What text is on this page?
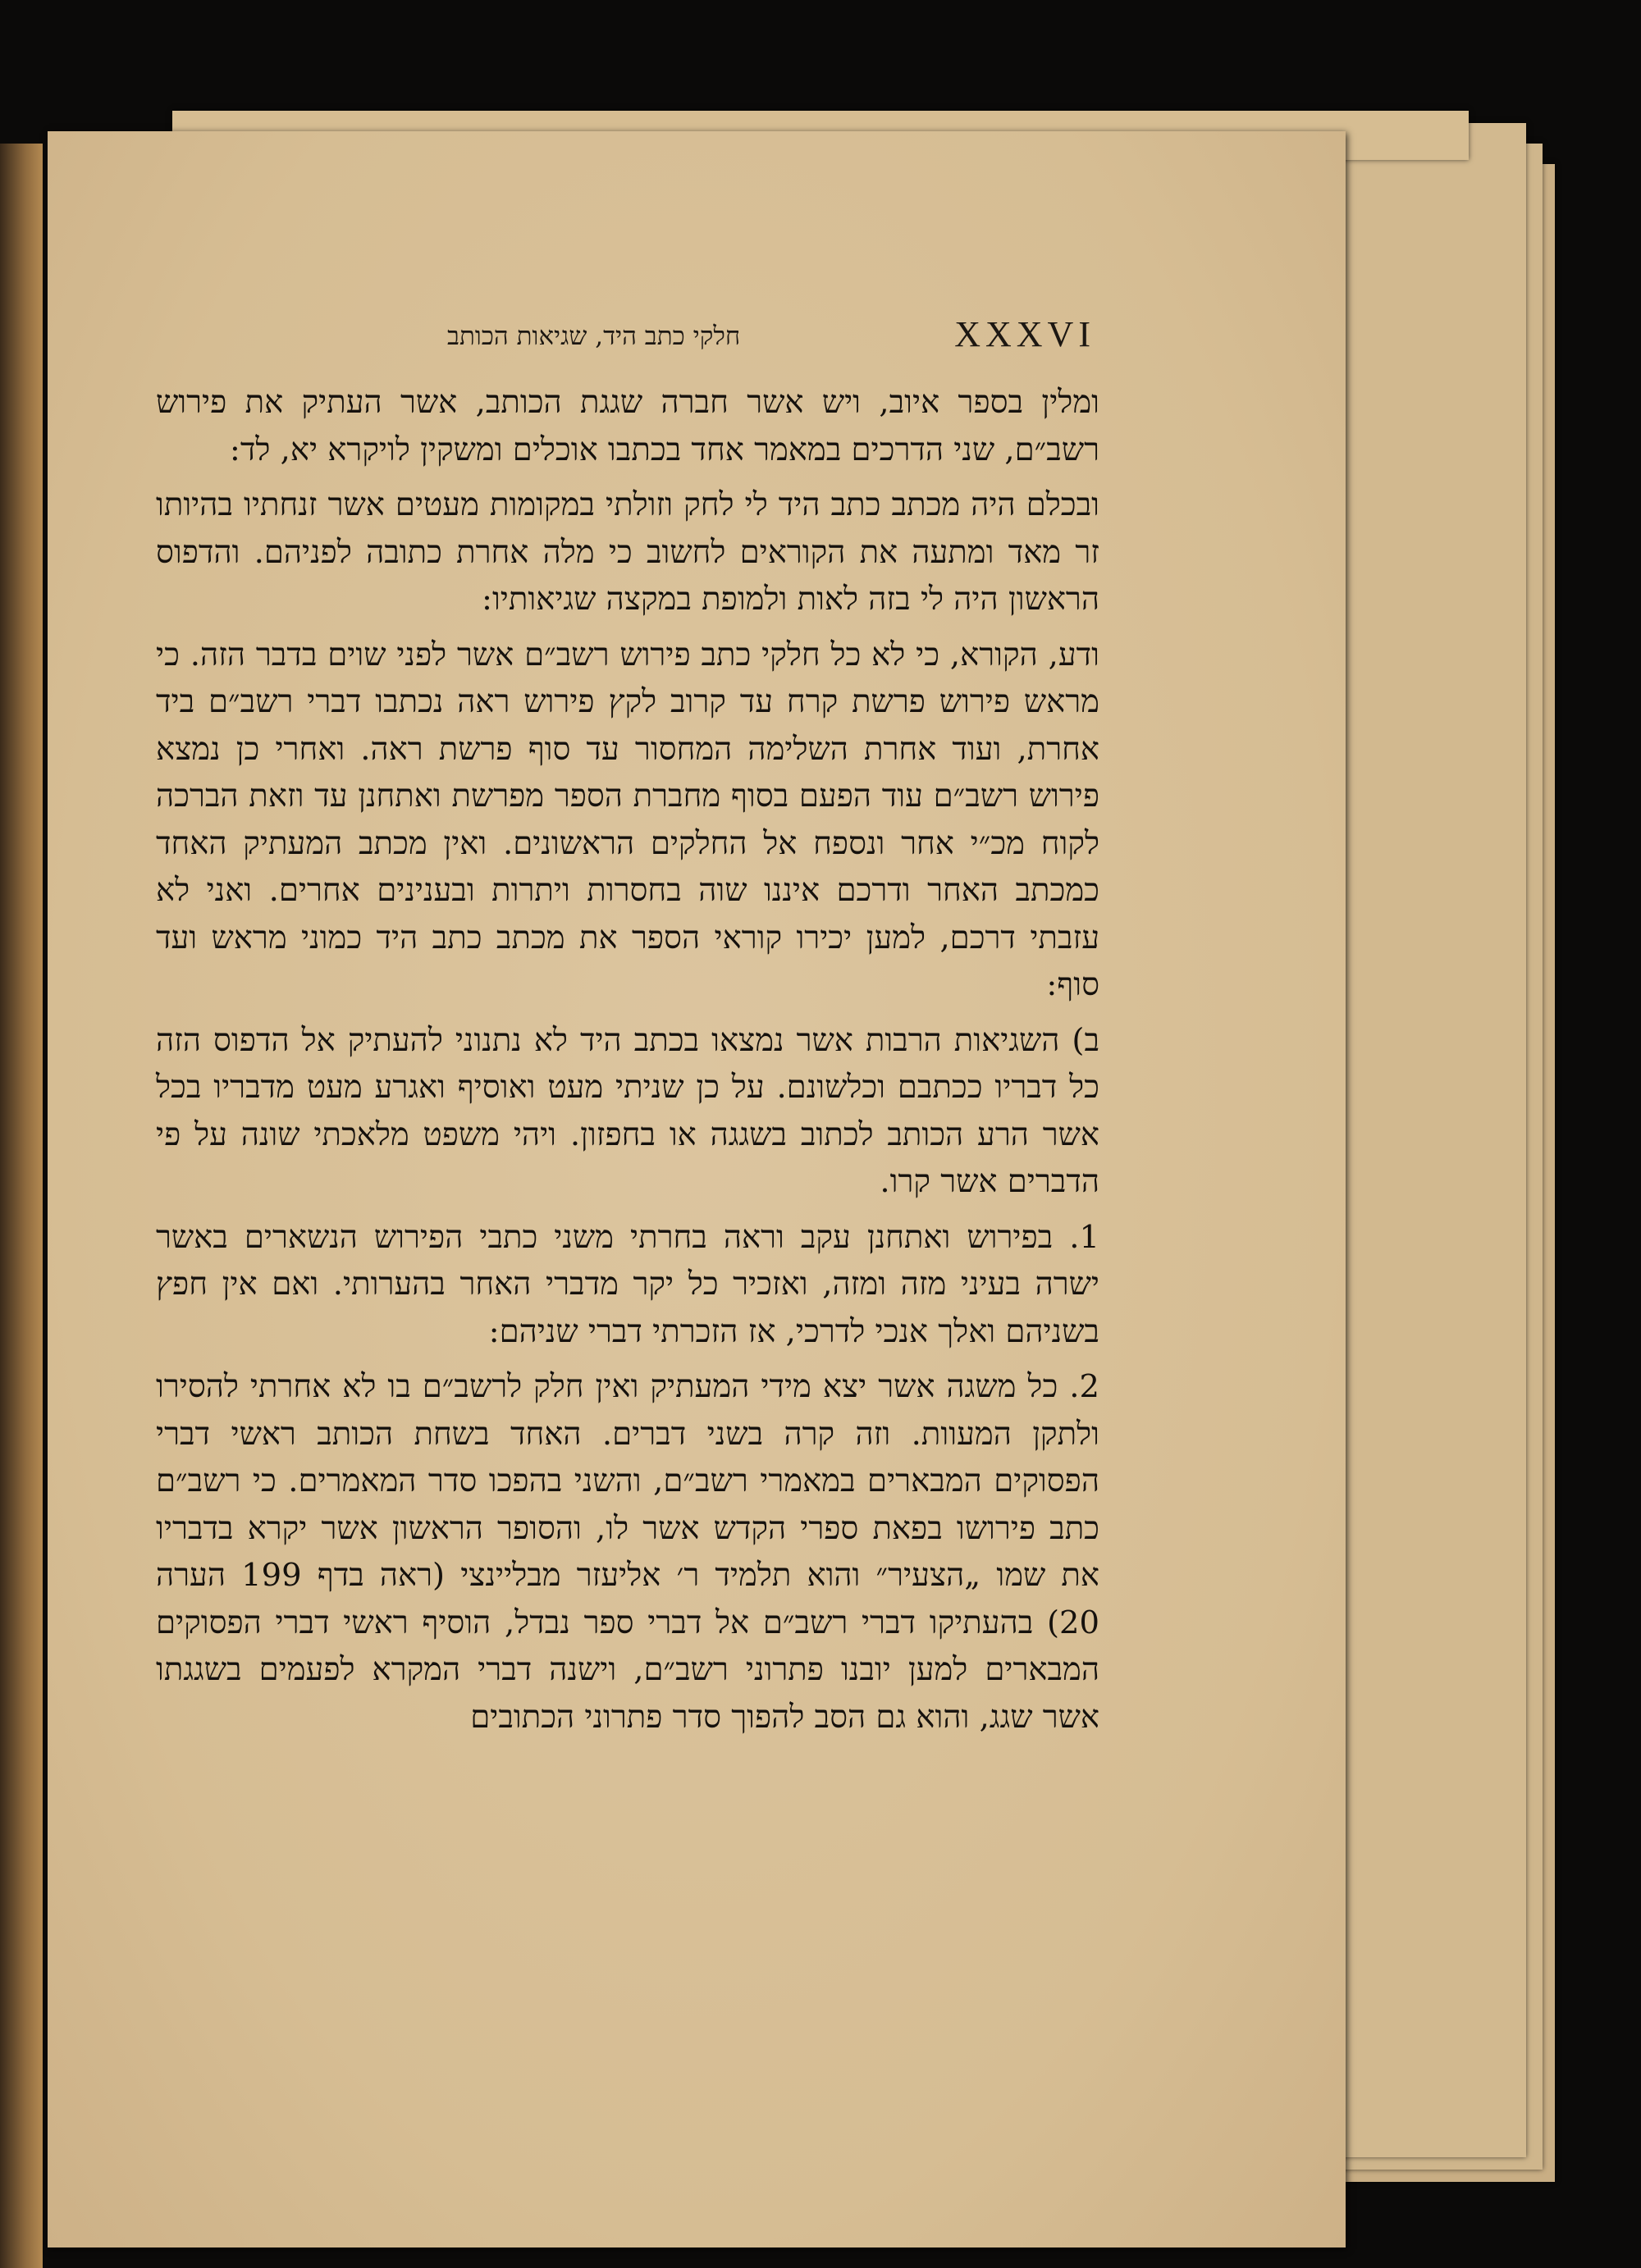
חלקי כתב היד, שגיאות הכותב	XXXVI

ומלין בספר איוב, ויש אשר חברה שגגת הכותב, אשר העתיק את פירוש רשב״ם, שני הדרכים במאמר אחד בכתבו אוכלים ומשקין לויקרא יא, לד:

ובכלם היה מכתב כתב היד לי לחק וזולתי במקומות מעטים אשר זנחתיו בהיותו זר מאד ומתעה את הקוראים לחשוב כי מלה אחרת כתובה לפניהם. והדפוס הראשון היה לי בזה לאות ולמופת במקצה שגיאותיו:

ודע, הקורא, כי לא כל חלקי כתב פירוש רשב״ם אשר לפני שוים בדבר הזה. כי מראש פירוש פרשת קרח עד קרוב לקץ פירוש ראה נכתבו דברי רשב״ם ביד אחרת, ועוד אחרת השלימה המחסור עד סוף פרשת ראה. ואחרי כן נמצא פירוש רשב״ם עוד הפעם בסוף מחברת הספר מפרשת ואתחנן עד וזאת הברכה לקוח מכ״י אחר ונספח אל החלקים הראשונים. ואין מכתב המעתיק האחד כמכתב האחר ודרכם איננו שוה בחסרות ויתרות ובענינים אחרים. ואני לא עזבתי דרכם, למען יכירו קוראי הספר את מכתב כתב היד כמוני מראש ועד סוף:

ב) השגיאות הרבות אשר נמצאו בכתב היד לא נתנוני להעתיק אל הדפוס הזה כל דבריו ככתבם וכלשונם. על כן שניתי מעט ואוסיף ואגרע מעט מדבריו בכל אשר הרע הכותב לכתוב בשגגה או בחפזון. ויהי משפט מלאכתי שונה על פי הדברים אשר קרו.

1. בפירוש ואתחנן עקב וראה בחרתי משני כתבי הפירוש הנשארים באשר ישרה בעיני מזה ומזה, ואזכיר כל יקר מדברי האחר בהערותי. ואם אין חפץ בשניהם ואלך אנכי לדרכי, אז הזכרתי דברי שניהם:

2. כל משגה אשר יצא מידי המעתיק ואין חלק לרשב״ם בו לא אחרתי להסירו ולתקן המעוות. וזה קרה בשני דברים. האחד בשחת הכותב ראשי דברי הפסוקים המבארים במאמרי רשב״ם, והשני בהפכו סדר המאמרים. כי רשב״ם כתב פירושו בפאת ספרי הקדש אשר לו, והסופר הראשון אשר יקרא בדבריו את שמו „הצעיר״ והוא תלמיד ר׳ אליעזר מבליינצי (ראה בדף 199 הערה 20) בהעתיקו דברי רשב״ם אל דברי ספר נבדל, הוסיף ראשי דברי הפסוקים המבארים למען יובנו פתרוני רשב״ם, וישנה דברי המקרא לפעמים בשגגתו אשר שגג, והוא גם הסב להפוך סדר פתרוני הכתובים
